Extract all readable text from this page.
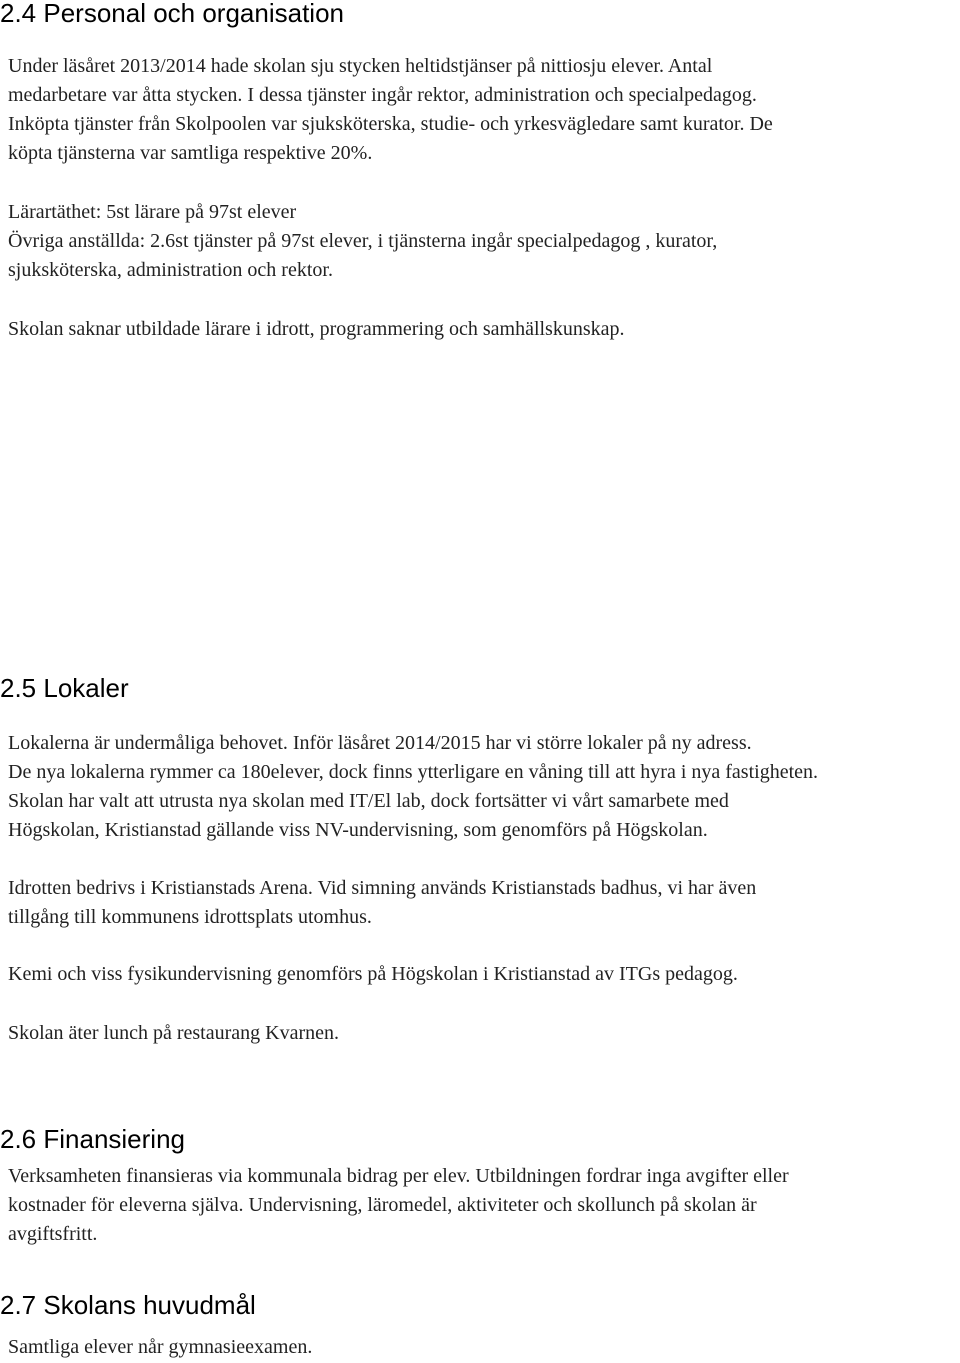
2.4 Personal och organisation

Under läsåret 2013/2014 hade skolan sju stycken heltidstjänser på nittiosju elever. Antal
medarbetare var åtta stycken. I dessa tjänster ingår rektor, administration och specialpedagog.
Inköpta tjänster från Skolpoolen var sjuksköterska, studie- och yrkesvägledare samt kurator. De
köpta tjänsterna var samtliga respektive 20%.

Lärartäthet: 5st lärare på 97st elever
Övriga anställda: 2.6st tjänster på 97st elever, i tjänsterna ingår specialpedagog , kurator,
sjuksköterska, administration och rektor.

Skolan saknar utbildade lärare i idrott, programmering och samhällskunskap.

2.5 Lokaler

Lokalerna är undermåliga behovet. Inför läsåret 2014/2015 har vi större lokaler på ny adress.
De nya lokalerna rymmer ca 180elever, dock finns ytterligare en våning till att hyra i nya fastigheten.
Skolan har valt att utrusta nya skolan med IT/El lab, dock fortsätter vi vårt samarbete med
Högskolan, Kristianstad gällande viss NV-undervisning, som genomförs på Högskolan.

Idrotten bedrivs i Kristianstads Arena. Vid simning används Kristianstads badhus, vi har även
tillgång till kommunens idrottsplats utomhus.

Kemi och viss fysikundervisning genomförs på Högskolan i Kristianstad av ITGs pedagog.

Skolan äter lunch på restaurang Kvarnen.

2.6 Finansiering

Verksamheten finansieras via kommunala bidrag per elev. Utbildningen fordrar inga avgifter eller
kostnader för eleverna själva. Undervisning, läromedel, aktiviteter och skollunch på skolan är
avgiftsfritt.

2.7 Skolans huvudmål

Samtliga elever når gymnasieexamen.
